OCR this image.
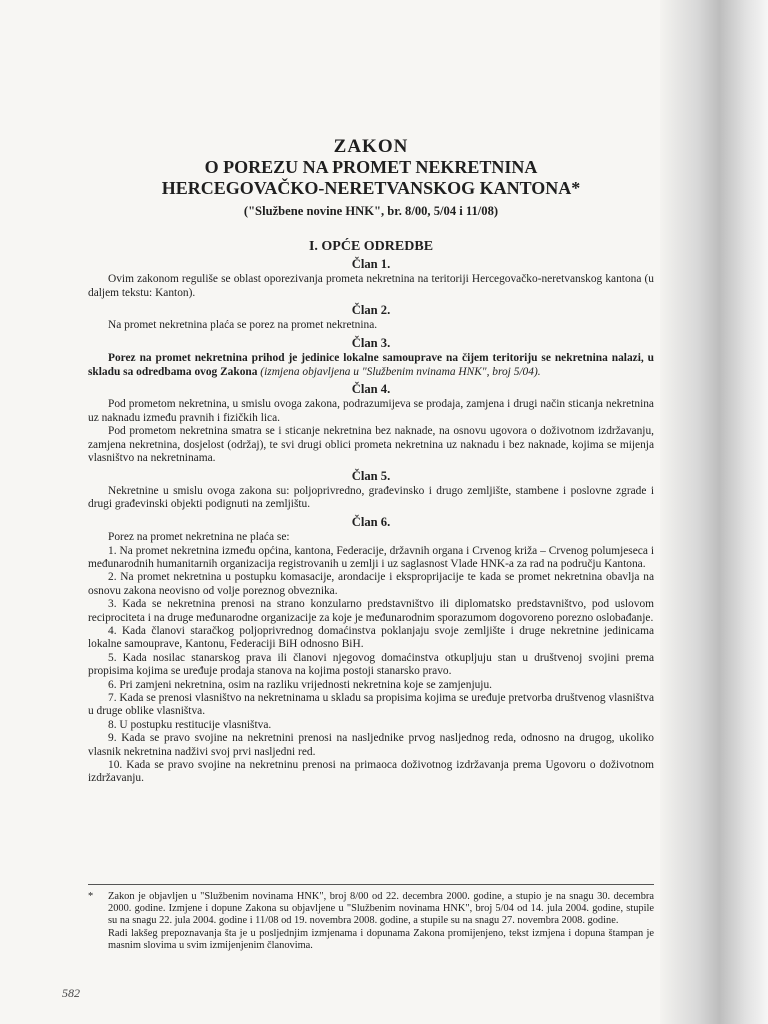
ZAKON
O POREZU NA PROMET NEKRETNINA
HERCEGOVAČKO-NERETVANSKOG KANTONA*
("Službene novine HNK", br. 8/00, 5/04 i 11/08)
I. OPĆE ODREDBE
Član 1.

Ovim zakonom reguliše se oblast oporezivanja prometa nekretnina na teritoriji Hercegovačko-neretvanskog kantona (u daljem tekstu: Kanton).

Član 2.

Na promet nekretnina plaća se porez na promet nekretnina.

Član 3.

Porez na promet nekretnina prihod je jedinice lokalne samouprave na čijem teritoriju se nekretnina nalazi, u skladu sa odredbama ovog Zakona (izmjena objavljena u "Službenim nvinama HNK", broj 5/04).

Član 4.

Pod prometom nekretnina, u smislu ovoga zakona, podrazumijeva se prodaja, zamjena i drugi način sticanja nekretnina uz naknadu između pravnih i fizičkih lica.

Pod prometom nekretnina smatra se i sticanje nekretnina bez naknade, na osnovu ugovora o doživotnom izdržavanju, zamjena nekretnina, dosjelost (održaj), te svi drugi oblici prometa nekretnina uz naknadu i bez naknade, kojima se mijenja vlasništvo na nekretninama.

Član 5.

Nekretnine u smislu ovoga zakona su: poljoprivredno, građevinsko i drugo zemljište, stambene i poslovne zgrade i drugi građevinski objekti podignuti na zemljištu.

Član 6.

Porez na promet nekretnina ne plaća se:

1. Na promet nekretnina između općina, kantona, Federacije, državnih organa i Crvenog križa – Crvenog polumjeseca i međunarodnih humanitarnih organizacija registrovanih u zemlji i uz saglasnost Vlade HNK-a za rad na području Kantona.

2. Na promet nekretnina u postupku komasacije, arondacije i eksproprijacije te kada se promet nekretnina obavlja na osnovu zakona neovisno od volje poreznog obveznika.

3. Kada se nekretnina prenosi na strano konzularno predstavništvo ili diplomatsko predstavništvo, pod uslovom reciprociteta i na druge međunarodne organizacije za koje je međunarodnim sporazumom dogovoreno porezno oslobađanje.

4. Kada članovi staračkog poljoprivrednog domaćinstva poklanjaju svoje zemljište i druge nekretnine jedinicama lokalne samouprave, Kantonu, Federaciji BiH odnosno BiH.

5. Kada nosilac stanarskog prava ili članovi njegovog domaćinstva otkupljuju stan u društvenoj svojini prema propisima kojima se uređuje prodaja stanova na kojima postoji stanarsko pravo.

6. Pri zamjeni nekretnina, osim na razliku vrijednosti nekretnina koje se zamjenjuju.

7. Kada se prenosi vlasništvo na nekretninama u skladu sa propisima kojima se uređuje pretvorba društvenog vlasništva u druge oblike vlasništva.

8. U postupku restitucije vlasništva.

9. Kada se pravo svojine na nekretnini prenosi na nasljednike prvog nasljednog reda, odnosno na drugog, ukoliko vlasnik nekretnina nadživi svoj prvi nasljedni red.

10. Kada se pravo svojine na nekretninu prenosi na primaoca doživotnog izdržavanja prema Ugovoru o doživotnom izdržavanju.

*	Zakon je objavljen u "Službenim novinama HNK", broj 8/00 od 22. decembra 2000. godine, a stupio je na snagu 30. decembra 2000. godine. Izmjene i dopune Zakona su objavljene u "Službenim novinama HNK", broj 5/04 od 14. jula 2004. godine, stupile su na snagu 22. jula 2004. godine i 11/08 od 19. novembra 2008. godine, a stupile su na snagu 27. novembra 2008. godine.

Radi lakšeg prepoznavanja šta je u posljednjim izmjenama i dopunama Zakona promijenjeno, tekst izmjena i dopuna štampan je masnim slovima u svim izmijenjenim članovima.

582
